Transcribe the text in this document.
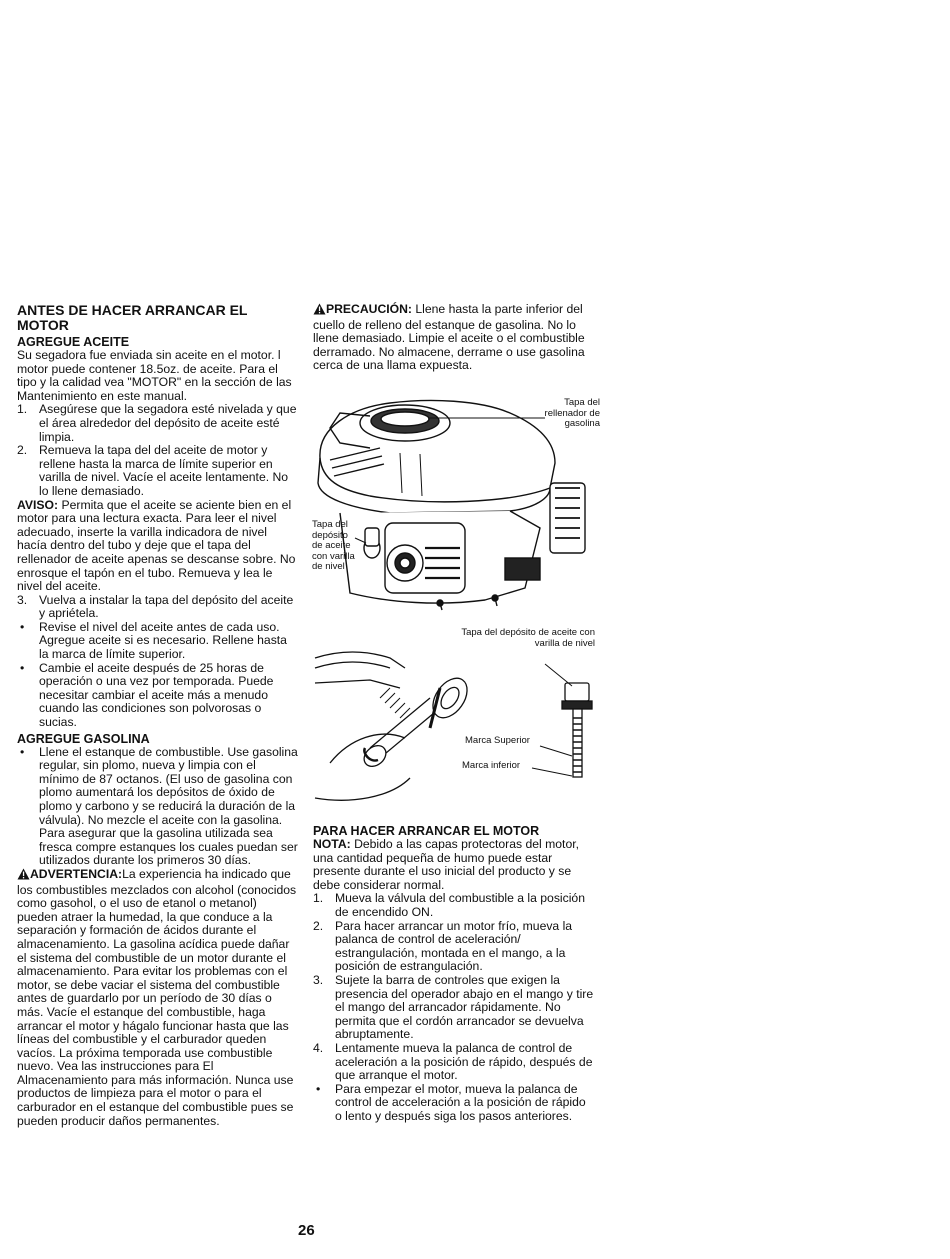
ANTES DE HACER ARRANCAR EL
MOTOR
AGREGUE ACEITE

Su segadora fue enviada sin aceite en el motor. l motor puede contener 18.5oz. de aceite. Para el tipo y la calidad vea "MOTOR" en la sección de las Mantenimiento en este manual.

1. Asegúrese que la segadora esté nivelada y que el área alrededor del depósito de aceite esté limpia.
2. Remueva la tapa del del aceite de motor y rellene hasta la marca de límite superior en varilla de nivel. Vacíe el aceite lentamente. No lo llene demasiado.

AVISO: Permita que el aceite se aciente bien en el motor para una lectura exacta. Para leer el nivel adecuado, inserte la varilla indicadora de nivel hacía dentro del tubo y deje que el tapa del rellenador de aceite apenas se descanse sobre. No enrosque el tapón en el tubo. Remueva y lea le nivel del aceite.

3. Vuelva a instalar la tapa del depósito del aceite y apriétela.
• Revise el nivel del aceite antes de cada uso. Agregue aceite si es necesario. Rellene hasta la marca de límite superior.
• Cambie el aceite después de 25 horas de operación o una vez por temporada. Puede necesitar cambiar el aceite más a menudo cuando las condiciones son polvorosas o sucias.
AGREGUE GASOLINA
• Llene el estanque de combustible. Use gasolina regular, sin plomo, nueva y limpia con el mínimo de 87 octanos. (El uso de gasolina con plomo aumentará los depósitos de óxido de plomo y carbono y se reducirá la duración de la válvula). No mezcle el aceite con la gasolina. Para asegurar que la gasolina utilizada sea fresca compre estanques los cuales puedan ser utilizados durante los primeros 30 días.

ADVERTENCIA:La experiencia ha indicado que los combustibles mezclados con alcohol (conocidos como gasohol, o el uso de etanol o metanol) pueden atraer la humedad, la que conduce a la separación y formación de ácidos durante el almacenamiento. La gasolina acídica puede dañar el sistema del combustible de un motor durante el almacenamiento. Para evitar los problemas con el motor, se debe vaciar el sistema del combustible antes de guardarlo por un período de 30 días o más. Vacíe el estanque del combustible, haga arrancar el motor y hágalo funcionar hasta que las líneas del combustible y el carburador queden vacíos. La próxima temporada use combustible nuevo. Vea las instrucciones para El Almacenamiento para más información. Nunca use productos de limpieza para el motor o para el carburador en el estanque del combustible pues se pueden producir daños permanentes.

PRECAUCIÓN: Llene hasta la parte inferior del cuello de relleno del estanque de gasolina. No lo llene demasiado. Limpie el aceite o el combustible derramado. No almacene, derrame o use gasolina cerca de una llama expuesta.

Tapa del rellenador de gasolina
Tapa del depósito de aceite con varilla de nivel
Tapa del depósito de aceite con varilla de nivel
Marca Superior
Marca inferior
PARA HACER ARRANCAR EL MOTOR

NOTA: Debido a las capas protectoras del motor, una cantidad pequeña de humo puede estar presente durante el uso inicial del producto y se debe considerar normal.

1. Mueva la válvula del combustible a la posición de encendido ON.
2. Para hacer arrancar un motor frío, mueva la palanca de control de aceleración/ estrangulación, montada en el mango, a la posición de estrangulación.
3. Sujete la barra de controles que exigen la presencia del operador abajo en el mango y tire el mango del arrancador rápidamente. No permita que el cordón arrancador se devuelva abruptamente.
4. Lentamente mueva la palanca de control de aceleración a la posición de rápido, después de que arranque el motor.
• Para empezar el motor, mueva la palanca de control de acceleración a la posición de rápido o lento y después siga los pasos anteriores.
26
